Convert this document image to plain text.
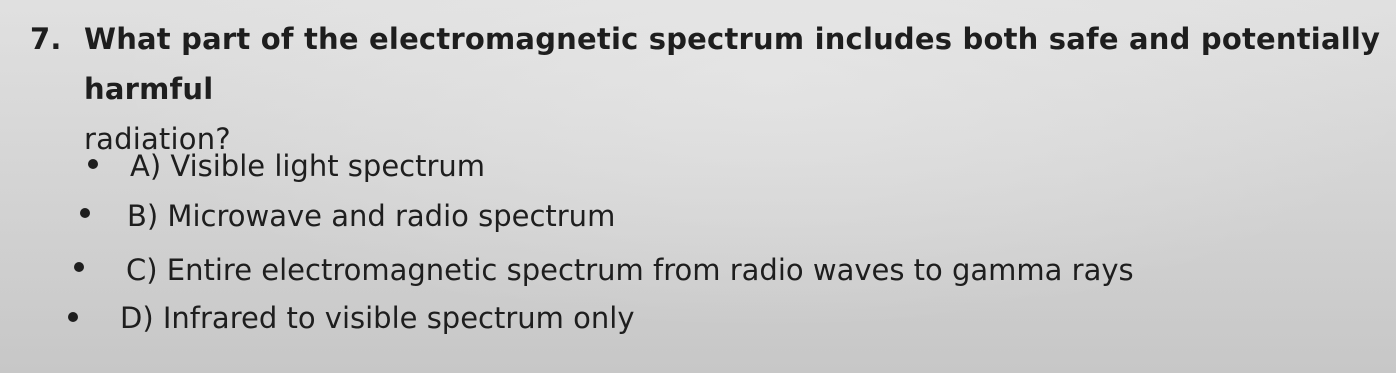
7. What part of the electromagnetic spectrum includes both safe and potentially harmful
radiation?
A) Visible light spectrum
B) Microwave and radio spectrum
C) Entire electromagnetic spectrum from radio waves to gamma rays
D) Infrared to visible spectrum only
